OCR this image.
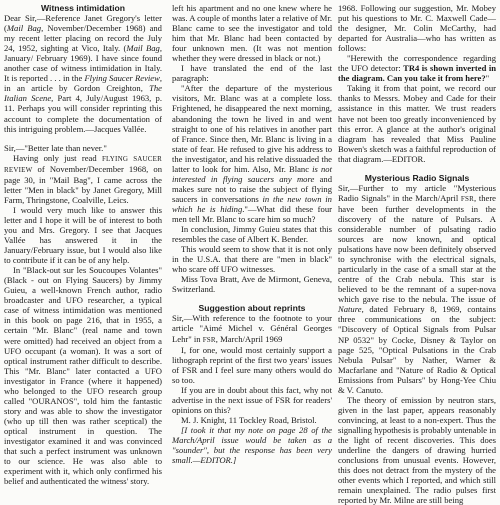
Witness intimidation

Dear Sir,—Reference Janet Gregory's letter (Mail Bag, November/December 1968) and my recent letter placing on record the July 24, 1952, sighting at Vico, Italy. (Mail Bag, January/ February 1969). I have since found another case of witness intimidation in Italy. It is reported . . . in the Flying Saucer Review, in an article by Gordon Creighton, The Italian Scene, Part 4, July/August 1963, p. 11. Perhaps you will consider reprinting this account to complete the documentation of this intriguing problem.—Jacques Vallée.

Sir,—"Better late than never."

Having only just read FLYING SAUCER REVIEW of November/December 1968, on page 30, in "Mail Bag", I came across the letter "Men in black" by Janet Gregory, Mill Farm, Thringstone, Coalville, Leics.

I would very much like to answer this letter and I hope it will be of interest to both you and Mrs. Gregory. I see that Jacques Vallée has answered it in the January/February issue, but I would also like to contribute if it can be of any help.

In "Black-out sur les Soucoupes Volantes" (Black - out on Flying Saucers) by Jimmy Guieu, a well-known French author, radio broadcaster and UFO researcher, a typical case of witness intimidation was mentioned in this book on page 216, that in 1955, a certain "Mr. Blanc" (real name and town were omitted) had received an object from a UFO occupant (a woman). It was a sort of optical instrument rather difficult to describe. This "Mr. Blanc" later contacted a UFO investigator in France (where it happened) who belonged to the UFO research group called "OURANOS", told him the fantastic story and was able to show the investigator (who up till then was rather sceptical) the optical instrument in question. The investigator examined it and was convinced that such a perfect instrument was unknown to our science. He was also able to experiment with it, which only confirmed his belief and authenticated the witness' story.

left his apartment and no one knew where he was. A couple of months later a relative of Mr. Blanc came to see the investigator and told him that Mr. Blanc had been contacted by four unknown men. (It was not mention whether they were dressed in black or not.)

I have translated the end of the last paragraph:

"After the departure of the mysterious visitors, Mr. Blanc was at a complete loss. Frightened, he disappeared the next morning, abandoning the town he lived in and went straight to one of his relatives in another part of France. Since then, Mr. Blanc is living in a state of fear. He refused to give his address to the investigator, and his relative dissuaded the latter to look for him. Also, Mr. Blanc is not interested in flying saucers any more and makes sure not to raise the subject of flying saucers in conversations in the new town in which he is hiding."—What did these four men tell Mr. Blanc to scare him so much?

In conclusion, Jimmy Guieu states that this resembles the case of Albert K. Bender.

This would seem to show that it is not only in the U.S.A. that there are "men in black" who scare off UFO witnesses.

Miss Tova Bratt, Ave de Mirmont, Geneva, Switzerland.

Suggestion about reprints

Sir,—With reference to the footnote to your article "Aimé Michel v. Général Georges Lehr" in FSR, March/April 1969

I, for one, would most certainly support a lithograph reprint of the first two years' issues of FSR and I feel sure many others would do so too.

If you are in doubt about this fact, why not advertise in the next issue of FSR for readers' opinions on this?

M. J. Knight, 11 Tockley Road, Bristol.

[I took it that my note on page 28 of the March/April issue would be taken as a "sounder", but the response has been very small.—EDITOR.]

1968. Following our suggestion, Mr. Mobey put his questions to Mr. C. Maxwell Cade—the designer, Mr. Colin McCarthy, had departed for Australia—who has written as follows:

"Herewith the correspondence regarding the UFO detector: TR4 is shown inverted in the diagram. Can you take it from here?"

Taking it from that point, we record our thanks to Messrs. Mobey and Cade for their assistance in this matter. We trust readers have not been too greatly inconvenienced by this error. A glance at the author's original diagram has revealed that Miss Pauline Bowen's sketch was a faithful reproduction of that diagram.—EDITOR.

Mysterious Radio Signals

Sir,—Further to my article "Mysterious Radio Signals" in the March/April FSR, there have been further developments in the discovery of the nature of Pulsars. A considerable number of pulsating radio sources are now known, and optical pulsations have now been definitely observed to synchronise with the electrical signals, particularly in the case of a small star at the centre of the Crab nebula. This star is believed to be the remnant of a super-nova which gave rise to the nebula. The issue of Nature, dated February 8, 1969, contains three communications on the subject: "Discovery of Optical Signals from Pulsar NP 0532" by Cocke, Disney & Taylor on page 525, "Optical Pulsations in the Crab Nebula Pulsar" by Nather, Warner & Macfarlane and "Nature of Radio & Optical Emissions from Pulsars" by Hong-Yee Chiu & V. Canuto.

The theory of emission by neutron stars, given in the last paper, appears reasonably convincing, at least to a non-expert. Thus the signalling hypothesis is probably untenable in the light of recent discoveries. This does underline the dangers of drawing hurried conclusions from unusual events. However, this does not detract from the mystery of the other events which I reported, and which still remain unexplained. The radio pulses first reported by Mr. Milne are still being
